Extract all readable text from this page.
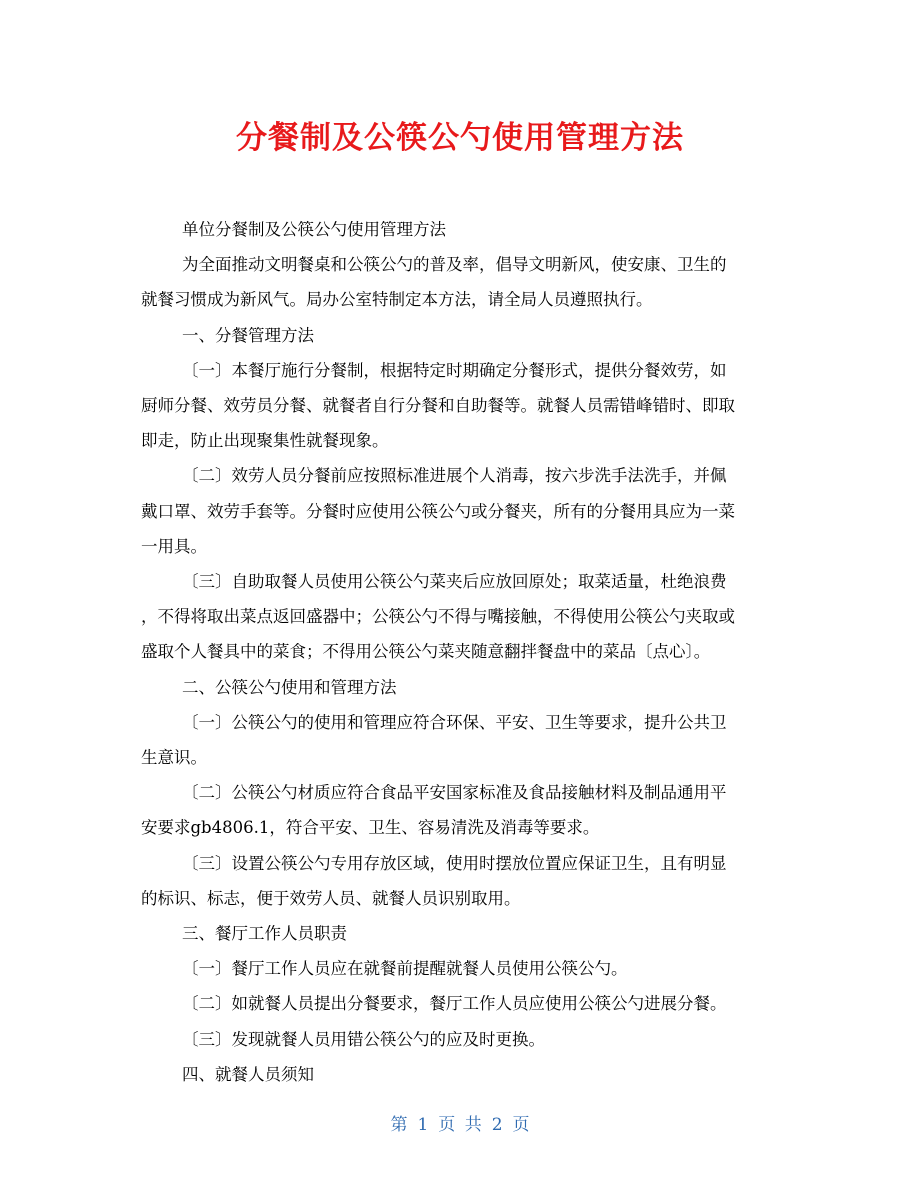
分餐制及公筷公勺使用管理方法

单位分餐制及公筷公勺使用管理方法

为全面推动文明餐桌和公筷公勺的普及率，倡导文明新风，使安康、卫生的
就餐习惯成为新风气。局办公室特制定本方法，请全局人员遵照执行。

一、分餐管理方法

〔一〕本餐厅施行分餐制，根据特定时期确定分餐形式，提供分餐效劳，如
厨师分餐、效劳员分餐、就餐者自行分餐和自助餐等。就餐人员需错峰错时、即取
即走，防止出现聚集性就餐现象。

〔二〕效劳人员分餐前应按照标准进展个人消毒，按六步洗手法洗手，并佩
戴口罩、效劳手套等。分餐时应使用公筷公勺或分餐夹，所有的分餐用具应为一菜
一用具。

〔三〕自助取餐人员使用公筷公勺菜夹后应放回原处；取菜适量，杜绝浪费
，不得将取出菜点返回盛器中；公筷公勺不得与嘴接触，不得使用公筷公勺夹取或
盛取个人餐具中的菜食；不得用公筷公勺菜夹随意翻拌餐盘中的菜品〔点心〕。

二、公筷公勺使用和管理方法

〔一〕公筷公勺的使用和管理应符合环保、平安、卫生等要求，提升公共卫
生意识。

〔二〕公筷公勺材质应符合食品平安国家标准及食品接触材料及制品通用平
安要求gb4806.1，符合平安、卫生、容易清洗及消毒等要求。

〔三〕设置公筷公勺专用存放区域，使用时摆放位置应保证卫生，且有明显
的标识、标志，便于效劳人员、就餐人员识别取用。

三、餐厅工作人员职责

〔一〕餐厅工作人员应在就餐前提醒就餐人员使用公筷公勺。

〔二〕如就餐人员提出分餐要求，餐厅工作人员应使用公筷公勺进展分餐。

〔三〕发现就餐人员用错公筷公勺的应及时更换。

四、就餐人员须知

第 1 页 共 2 页
